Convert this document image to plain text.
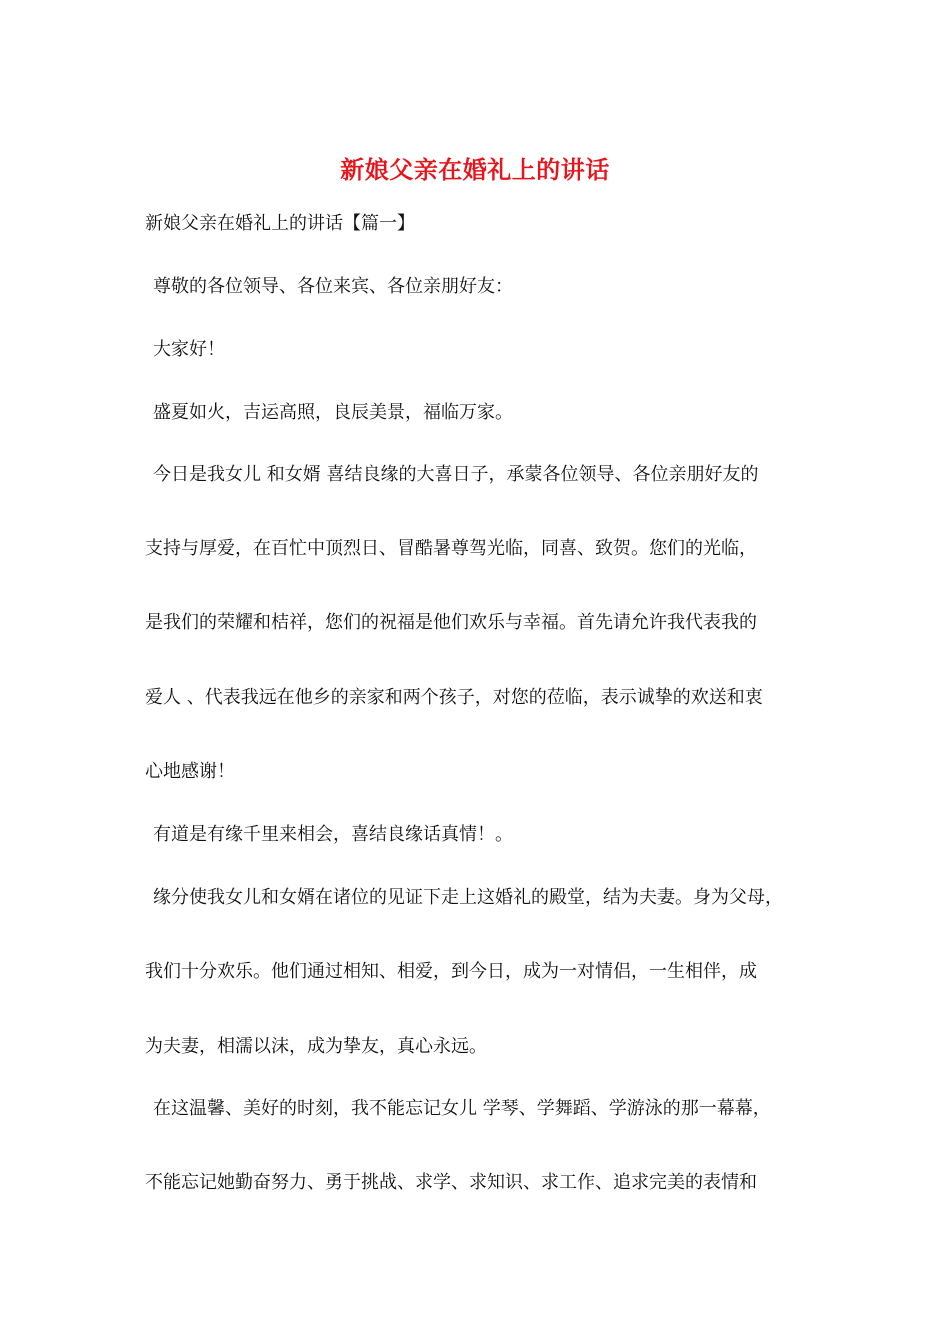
新娘父亲在婚礼上的讲话
新娘父亲在婚礼上的讲话【篇一】
尊敬的各位领导、各位来宾、各位亲朋好友：
大家好！
盛夏如火，吉运高照，良辰美景，福临万家。
今日是我女儿 和女婿 喜结良缘的大喜日子，承蒙各位领导、各位亲朋好友的
支持与厚爱，在百忙中顶烈日、冒酷暑尊驾光临，同喜、致贺。您们的光临，
是我们的荣耀和桔祥，您们的祝福是他们欢乐与幸福。首先请允许我代表我的
爱人 、代表我远在他乡的亲家和两个孩子，对您的莅临，表示诚挚的欢送和衷
心地感谢！
有道是有缘千里来相会，喜结良缘话真情！。
缘分使我女儿和女婿在诸位的见证下走上这婚礼的殿堂，结为夫妻。身为父母，
我们十分欢乐。他们通过相知、相爱，到今日，成为一对情侣，一生相伴，成
为夫妻，相濡以沫，成为挚友，真心永远。
在这温馨、美好的时刻，我不能忘记女儿 学琴、学舞蹈、学游泳的那一幕幕，
不能忘记她勤奋努力、勇于挑战、求学、求知识、求工作、追求完美的表情和
